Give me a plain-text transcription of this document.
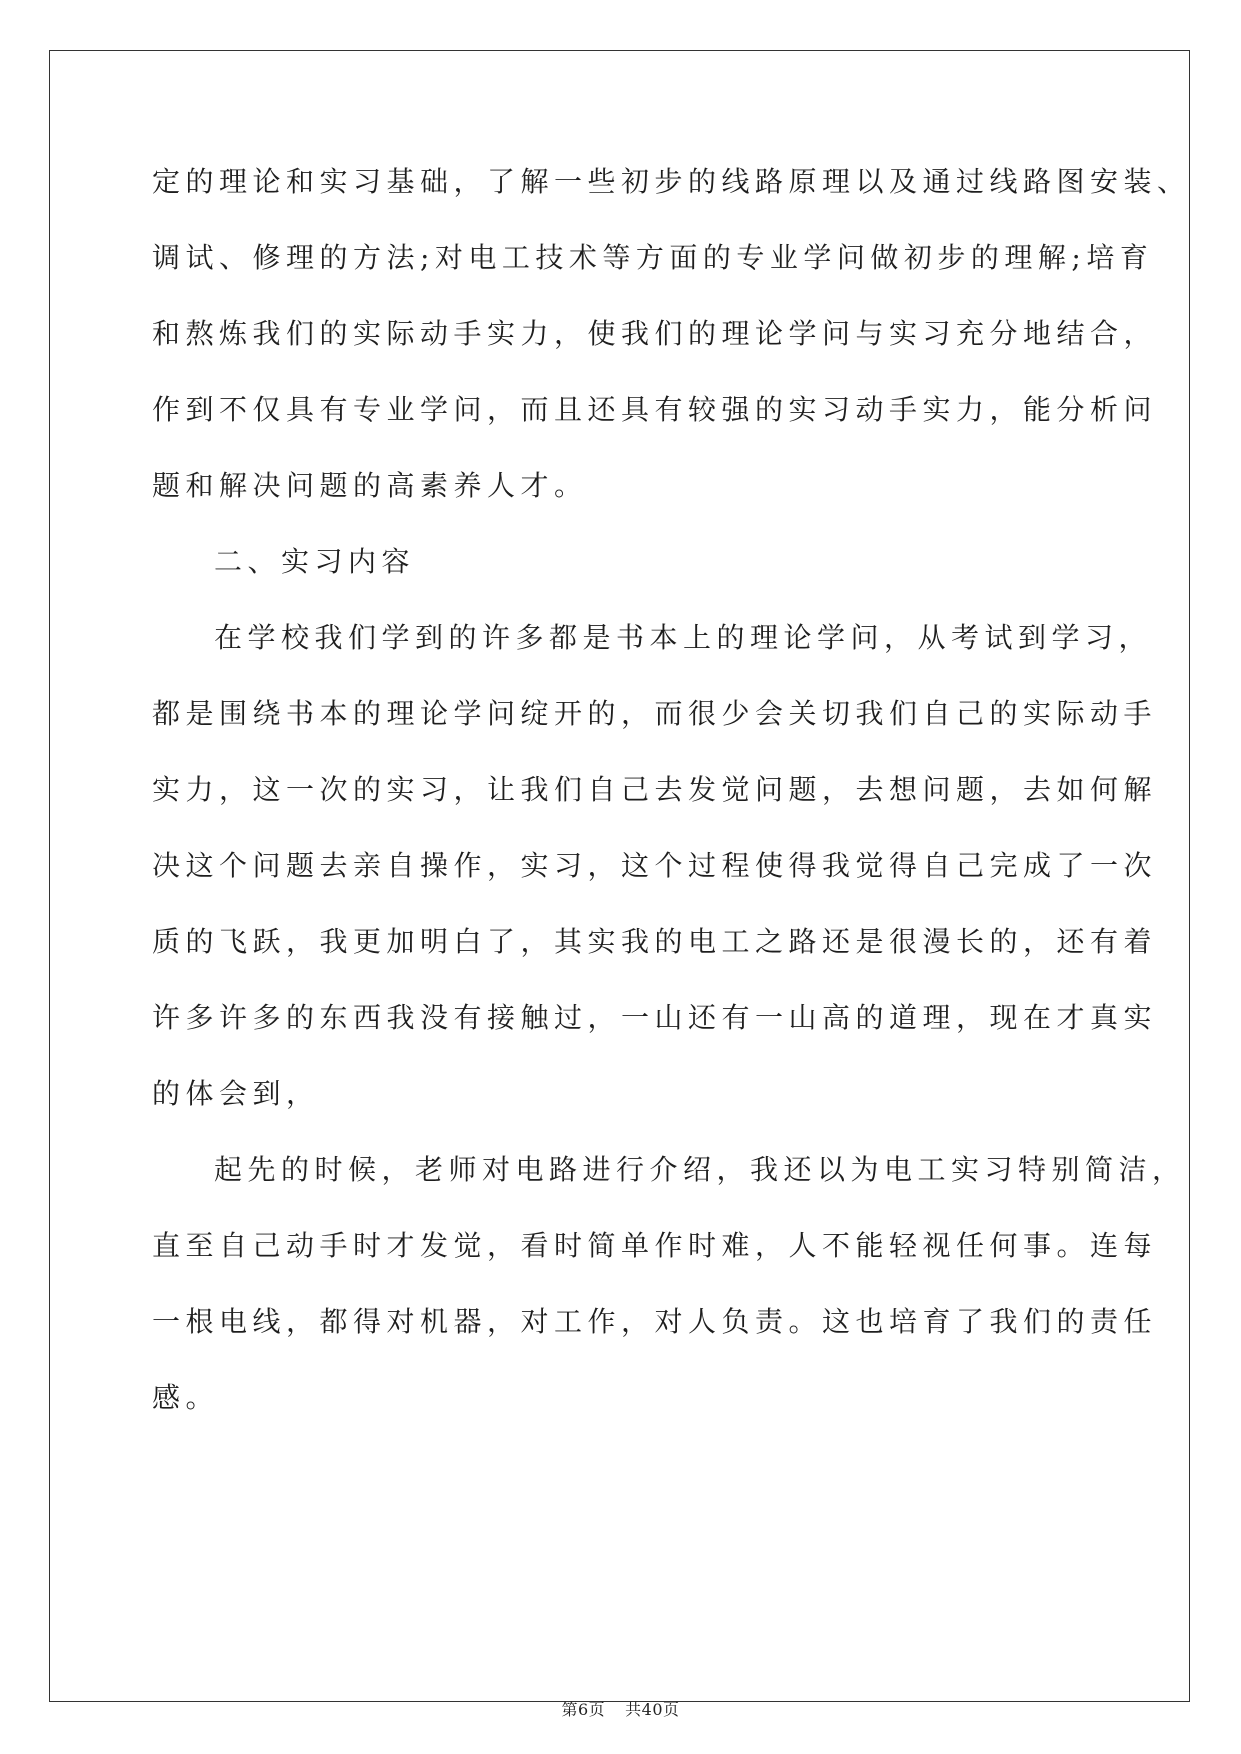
定的理论和实习基础，了解一些初步的线路原理以及通过线路图安装、
调试、修理的方法;对电工技术等方面的专业学问做初步的理解;培育
和熬炼我们的实际动手实力，使我们的理论学问与实习充分地结合，
作到不仅具有专业学问，而且还具有较强的实习动手实力，能分析问
题和解决问题的高素养人才。
二、实习内容
在学校我们学到的许多都是书本上的理论学问，从考试到学习，
都是围绕书本的理论学问绽开的，而很少会关切我们自己的实际动手
实力，这一次的实习，让我们自己去发觉问题，去想问题，去如何解
决这个问题去亲自操作，实习，这个过程使得我觉得自己完成了一次
质的飞跃，我更加明白了，其实我的电工之路还是很漫长的，还有着
许多许多的东西我没有接触过，一山还有一山高的道理，现在才真实
的体会到，
起先的时候，老师对电路进行介绍，我还以为电工实习特别简洁，
直至自己动手时才发觉，看时简单作时难，人不能轻视任何事。连每
一根电线，都得对机器，对工作，对人负责。这也培育了我们的责任
感。
第6页 共40页
